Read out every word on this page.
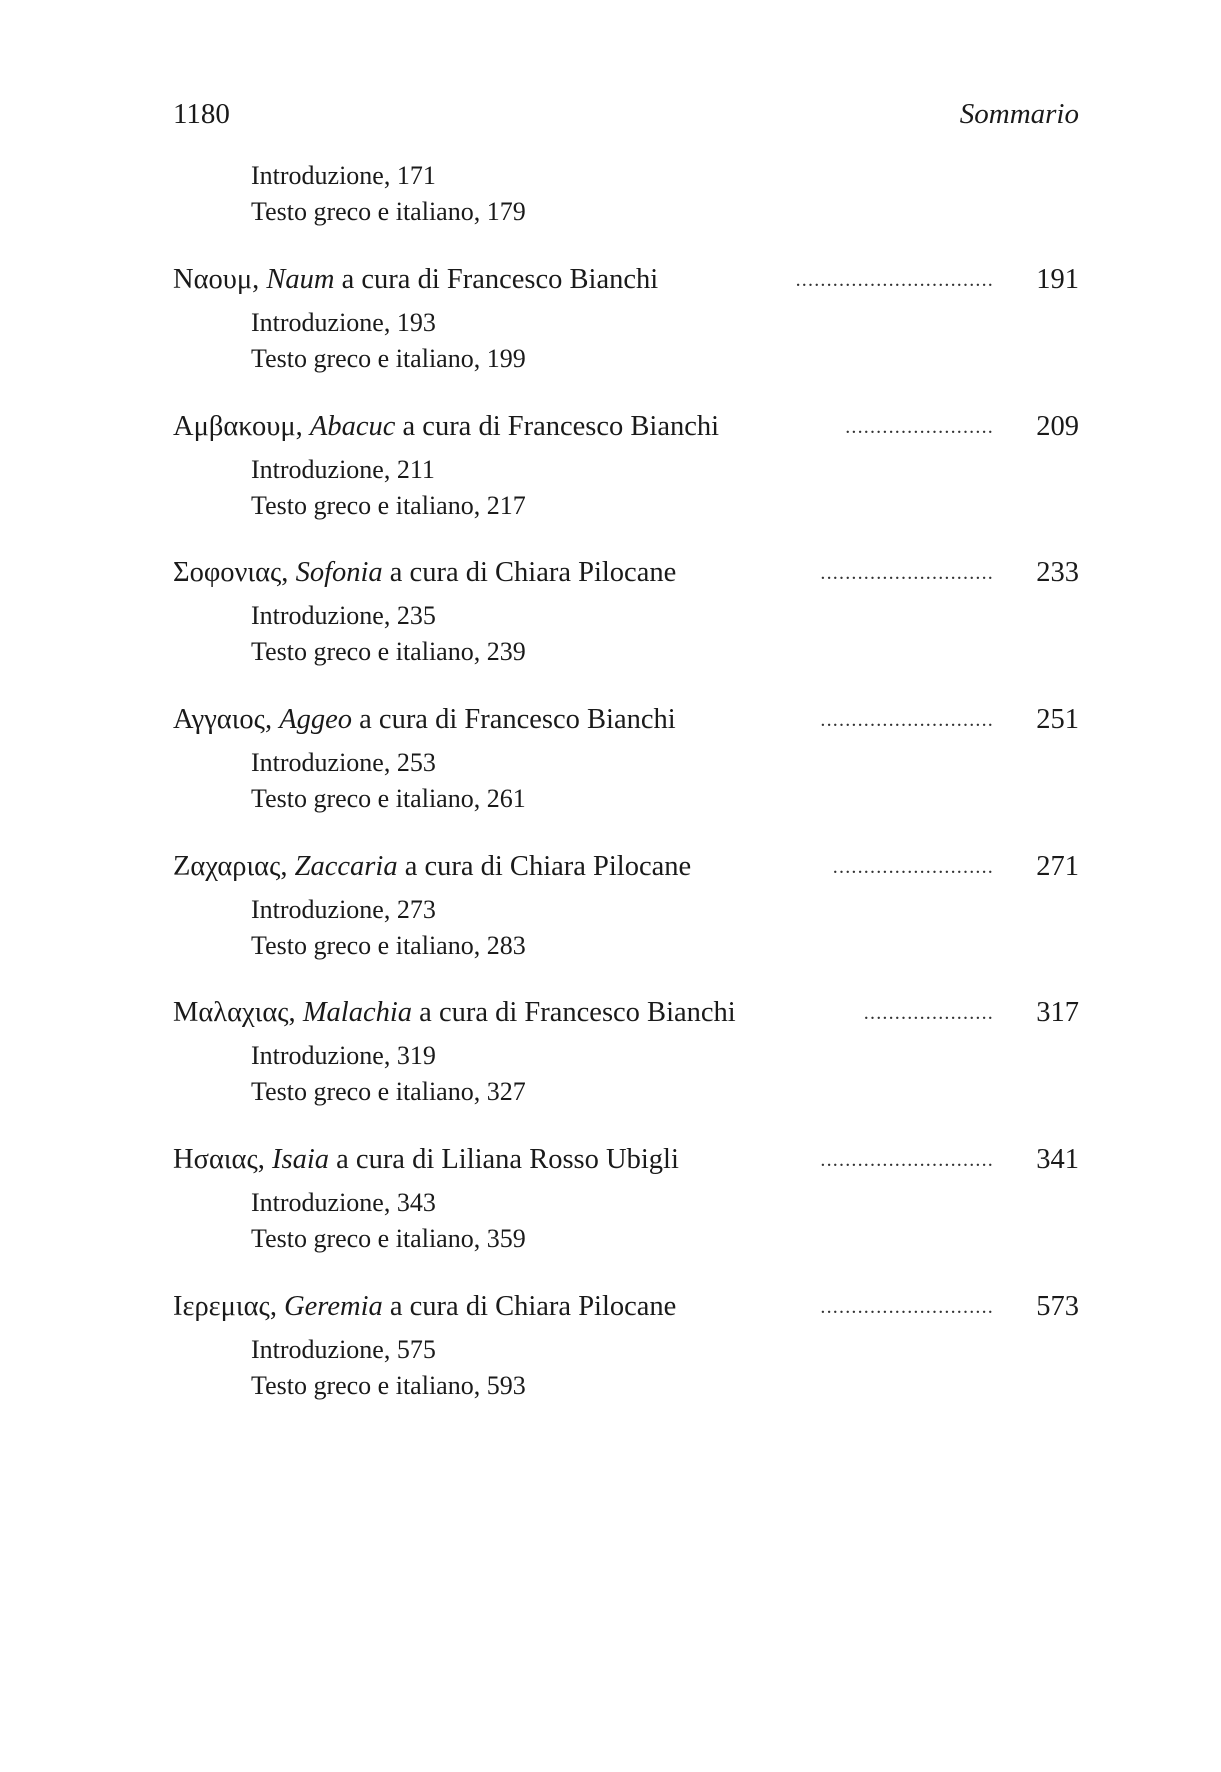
1180	Sommario
Introduzione, 171
Testo greco e italiano, 179
................................
Ναουμ, Naum a cura di Francesco Bianchi	191
Introduzione, 193
Testo greco e italiano, 199
........................
Αμβακουμ, Abacuc a cura di Francesco Bianchi	209
Introduzione, 211
Testo greco e italiano, 217
............................
Σοφονιας, Sofonia a cura di Chiara Pilocane	233
Introduzione, 235
Testo greco e italiano, 239
............................
Αγγαιος, Aggeo a cura di Francesco Bianchi	251
Introduzione, 253
Testo greco e italiano, 261
..........................
Ζαχαριας, Zaccaria a cura di Chiara Pilocane	271
Introduzione, 273
Testo greco e italiano, 283
.....................
Μαλαχιας, Malachia a cura di Francesco Bianchi	317
Introduzione, 319
Testo greco e italiano, 327
............................
Ησαιας, Isaia a cura di Liliana Rosso Ubigli	341
Introduzione, 343
Testo greco e italiano, 359
............................
Ιερεμιας, Geremia a cura di Chiara Pilocane	573
Introduzione, 575
Testo greco e italiano, 593
